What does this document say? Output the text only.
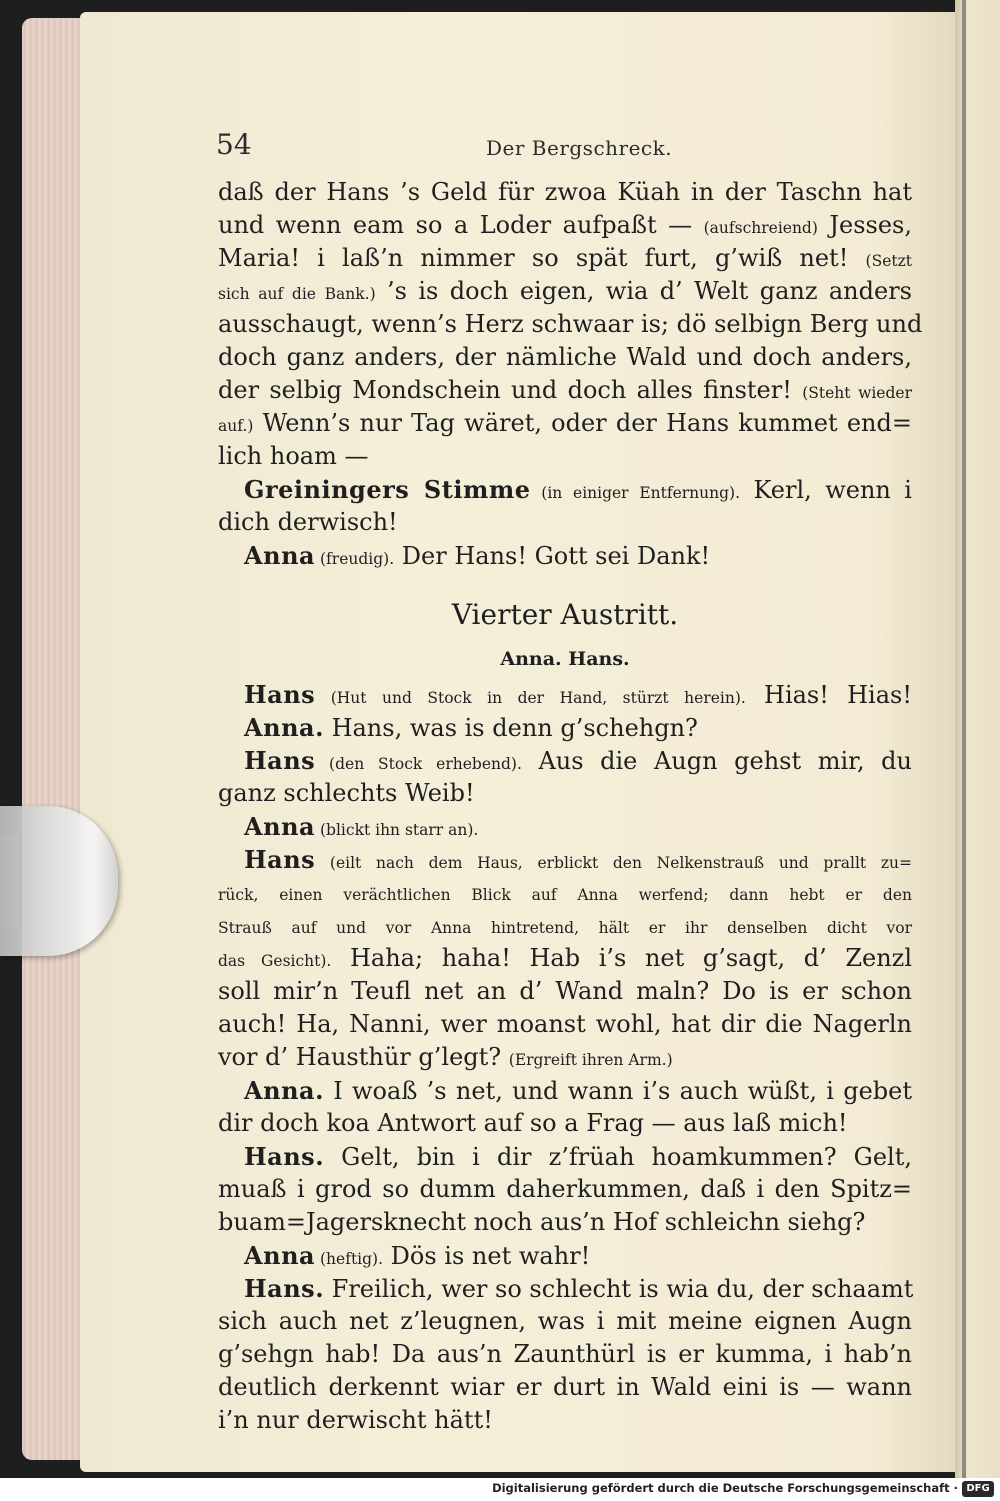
54	Der Bergschreck.
daß der Hans ’s Geld für zwoa Küah in der Taschn hat
und wenn eam so a Loder aufpaßt — (aufschreiend) Jesses,
Maria! i laß’n nimmer so spät furt, g’wiß net! (Setzt
sich auf die Bank.) ’s is doch eigen, wia d’ Welt ganz anders
ausschaugt, wenn’s Herz schwaar is; dö selbign Berg und
doch ganz anders, der nämliche Wald und doch anders,
der selbig Mondschein und doch alles finster! (Steht wieder
auf.) Wenn’s nur Tag wäret, oder der Hans kummet end=
lich hoam —
Greiningers Stimme (in einiger Entfernung). Kerl, wenn i
dich derwisch!
Anna (freudig). Der Hans! Gott sei Dank!
Vierter Austritt.
Anna. Hans.
Hans (Hut und Stock in der Hand, stürzt herein). Hias! Hias!
Anna. Hans, was is denn g’schehgn?
Hans (den Stock erhebend). Aus die Augn gehst mir, du
ganz schlechts Weib!
Anna (blickt ihn starr an).
Hans (eilt nach dem Haus, erblickt den Nelkenstrauß und prallt zu=
rück, einen verächtlichen Blick auf Anna werfend; dann hebt er den
Strauß auf und vor Anna hintretend, hält er ihr denselben dicht vor
das Gesicht). Haha; haha! Hab i’s net g’sagt, d’ Zenzl
soll mir’n Teufl net an d’ Wand maln? Do is er schon
auch! Ha, Nanni, wer moanst wohl, hat dir die Nagerln
vor d’ Hausthür g’legt? (Ergreift ihren Arm.)
Anna. I woaß ’s net, und wann i’s auch wüßt, i gebet
dir doch koa Antwort auf so a Frag — aus laß mich!
Hans. Gelt, bin i dir z’früah hoamkummen? Gelt,
muaß i grod so dumm daherkummen, daß i den Spitz=
buam=Jagersknecht noch aus’n Hof schleichn siehg?
Anna (heftig). Dös is net wahr!
Hans. Freilich, wer so schlecht is wia du, der schaamt
sich auch net z’leugnen, was i mit meine eignen Augn
g’sehgn hab! Da aus’n Zaunthürl is er kumma, i hab’n
deutlich derkennt wiar er durt in Wald eini is — wann
i’n nur derwischt hätt!
Digitalisierung gefördert durch die Deutsche Forschungsgemeinschaft · DFG
